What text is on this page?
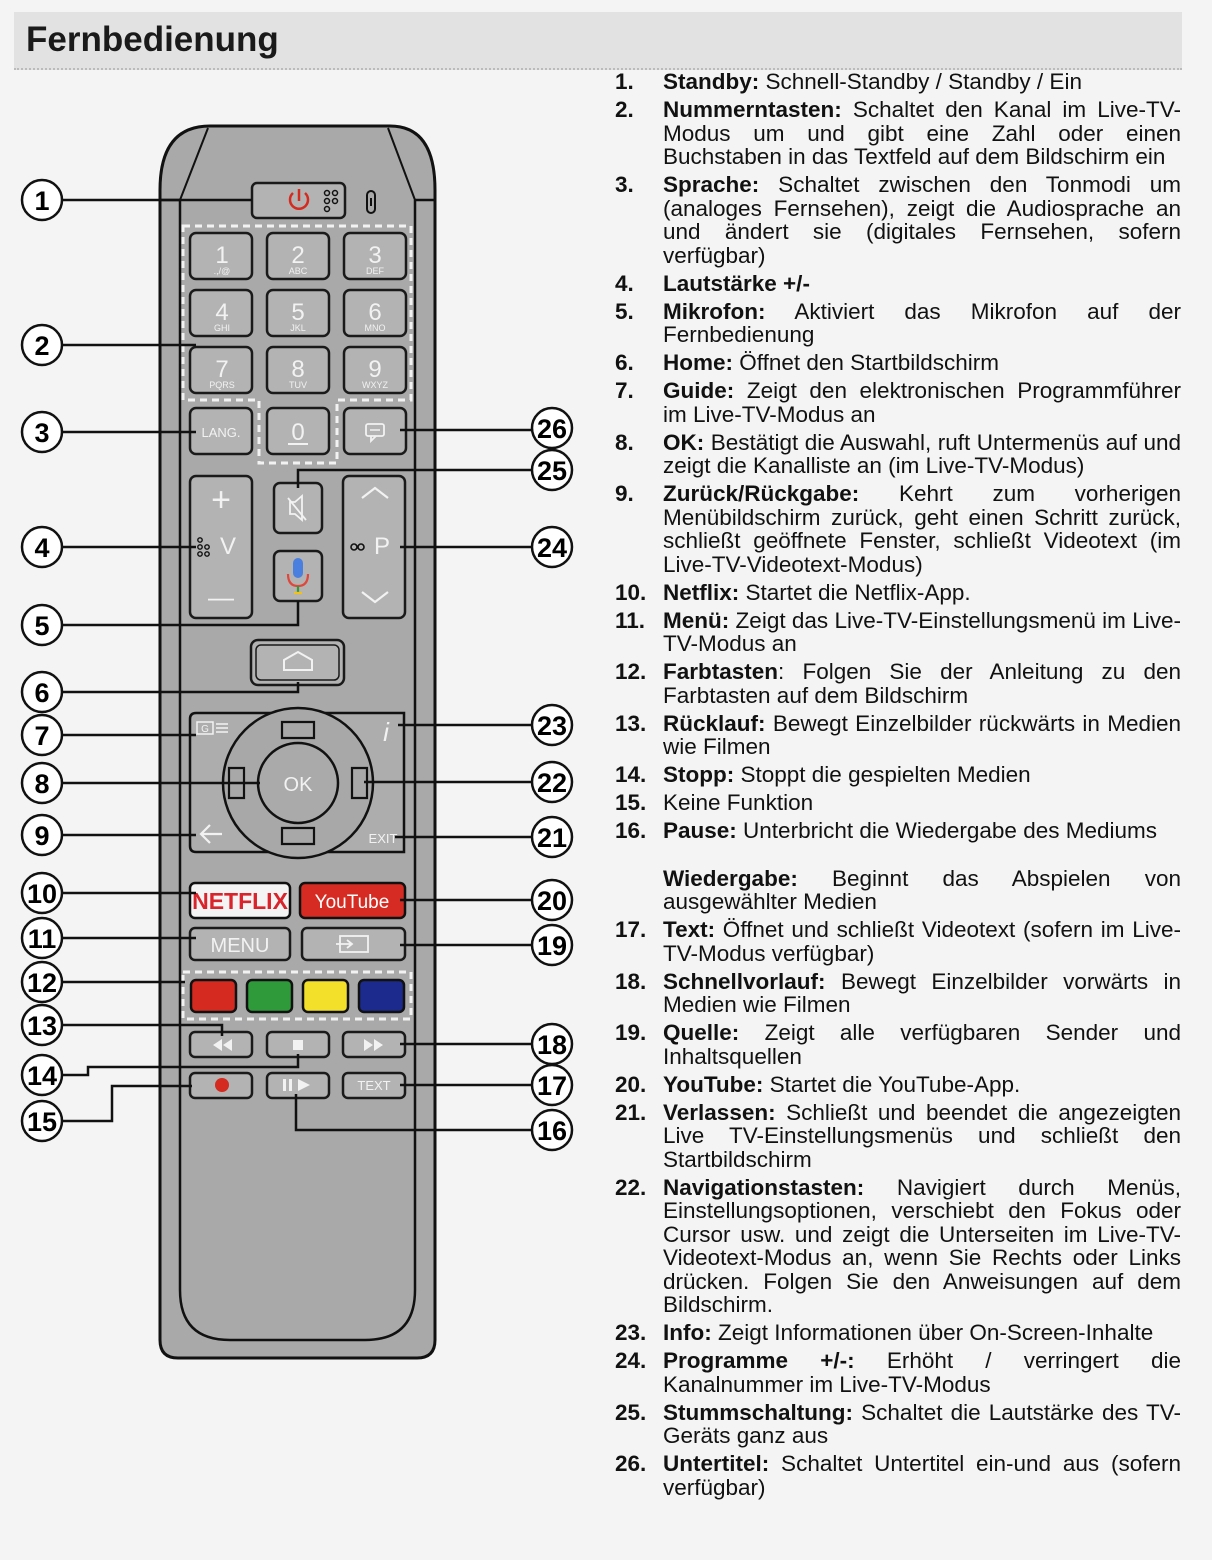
Fernbedienung
1
.,/@
2
ABC
3
DEF
4
GHI
5
JKL
6
MNO
7
PQRS
8
TUV
9
WXYZ
0
LANG.
+
V
—
P
G	i
OK
EXIT
NETFLIX YouTube
MENU
TEXT
1
2
3
4
5
6
7
8
9
10
11
12
13
14
15
26
25
24
23
22
21
20
19
18
17
16
1.	Standby: Schnell-Standby / Standby / Ein
2.	Nummerntasten: Schaltet den Kanal im Live-TV-Modus um und gibt eine Zahl oder einen Buchstaben in das Textfeld auf dem Bildschirm ein
3.	Sprache: Schaltet zwischen den Tonmodi um (analoges Fernsehen), zeigt die Audiosprache an und ändert sie (digitales Fernsehen, sofern verfügbar)
4.	Lautstärke +/-
5.	Mikrofon: Aktiviert das Mikrofon auf der Fernbedienung
6.	Home: Öffnet den Startbildschirm
7.	Guide: Zeigt den elektronischen Programmführer im Live-TV-Modus an
8.	OK: Bestätigt die Auswahl, ruft Untermenüs auf und zeigt die Kanalliste an (im Live-TV-Modus)
9.	Zurück/Rückgabe: Kehrt zum vorherigen Menübildschirm zurück, geht einen Schritt zurück, schließt geöffnete Fenster, schließt Videotext (im Live-TV-Videotext-Modus)
10. Netflix: Startet die Netflix-App.
11. Menü: Zeigt das Live-TV-Einstellungsmenü im Live-TV-Modus an
12. Farbtasten: Folgen Sie der Anleitung zu den Farbtasten auf dem Bildschirm
13. Rücklauf: Bewegt Einzelbilder rückwärts in Medien wie Filmen
14. Stopp: Stoppt die gespielten Medien
15. Keine Funktion
16. Pause: Unterbricht die Wiedergabe des Mediums
Wiedergabe: Beginnt das Abspielen von ausgewählter Medien
17. Text: Öffnet und schließt Videotext (sofern im Live-TV-Modus verfügbar)
18. Schnellvorlauf: Bewegt Einzelbilder vorwärts in Medien wie Filmen
19. Quelle: Zeigt alle verfügbaren Sender und Inhaltsquellen
20. YouTube: Startet die YouTube-App.
21. Verlassen: Schließt und beendet die angezeigten Live TV-Einstellungsmenüs und schließt den Startbildschirm
22. Navigationstasten: Navigiert durch Menüs, Einstellungsoptionen, verschiebt den Fokus oder Cursor usw. und zeigt die Unterseiten im Live-TV-Videotext-Modus an, wenn Sie Rechts oder Links drücken. Folgen Sie den Anweisungen auf dem Bildschirm.
23. Info: Zeigt Informationen über On-Screen-Inhalte
24. Programme +/-: Erhöht / verringert die Kanalnummer im Live-TV-Modus
25. Stummschaltung: Schaltet die Lautstärke des TV-Geräts ganz aus
26. Untertitel: Schaltet Untertitel ein-und aus (sofern verfügbar)
